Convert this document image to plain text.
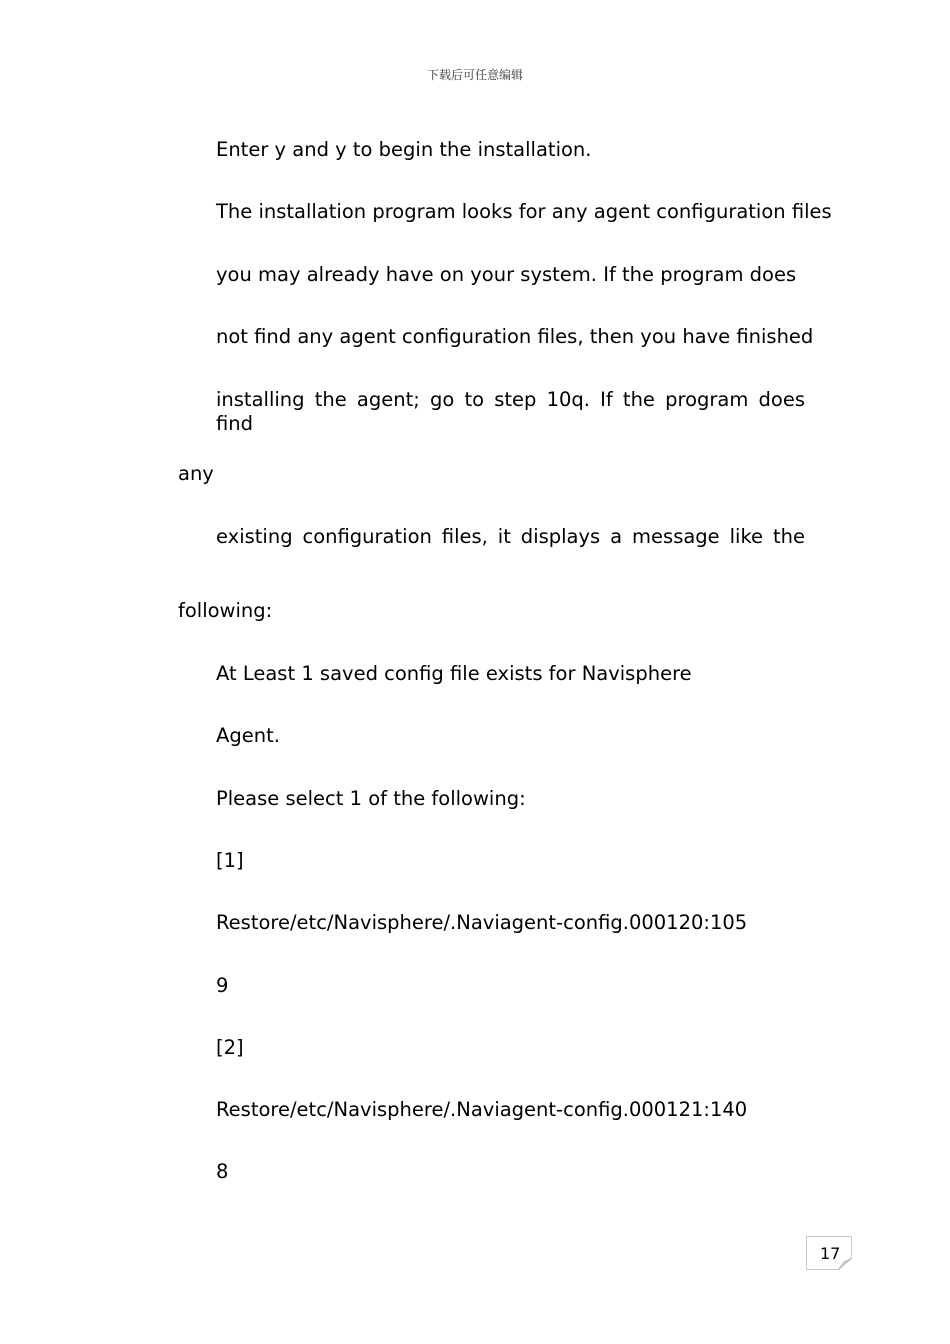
下载后可任意编辑
Enter y and y to begin the installation.
The installation program looks for any agent configuration files
you may already have on your system. If the program does
not find any agent configuration files, then you have finished
installing the agent; go to step 10q. If the program does find
any
existing configuration files, it displays a message like the
following:
At Least 1 saved config file exists for Navisphere
Agent.
Please select 1 of the following:
[1]
Restore/etc/Navisphere/.Naviagent-config.000120:105
9
[2]
Restore/etc/Navisphere/.Naviagent-config.000121:140
8
17
